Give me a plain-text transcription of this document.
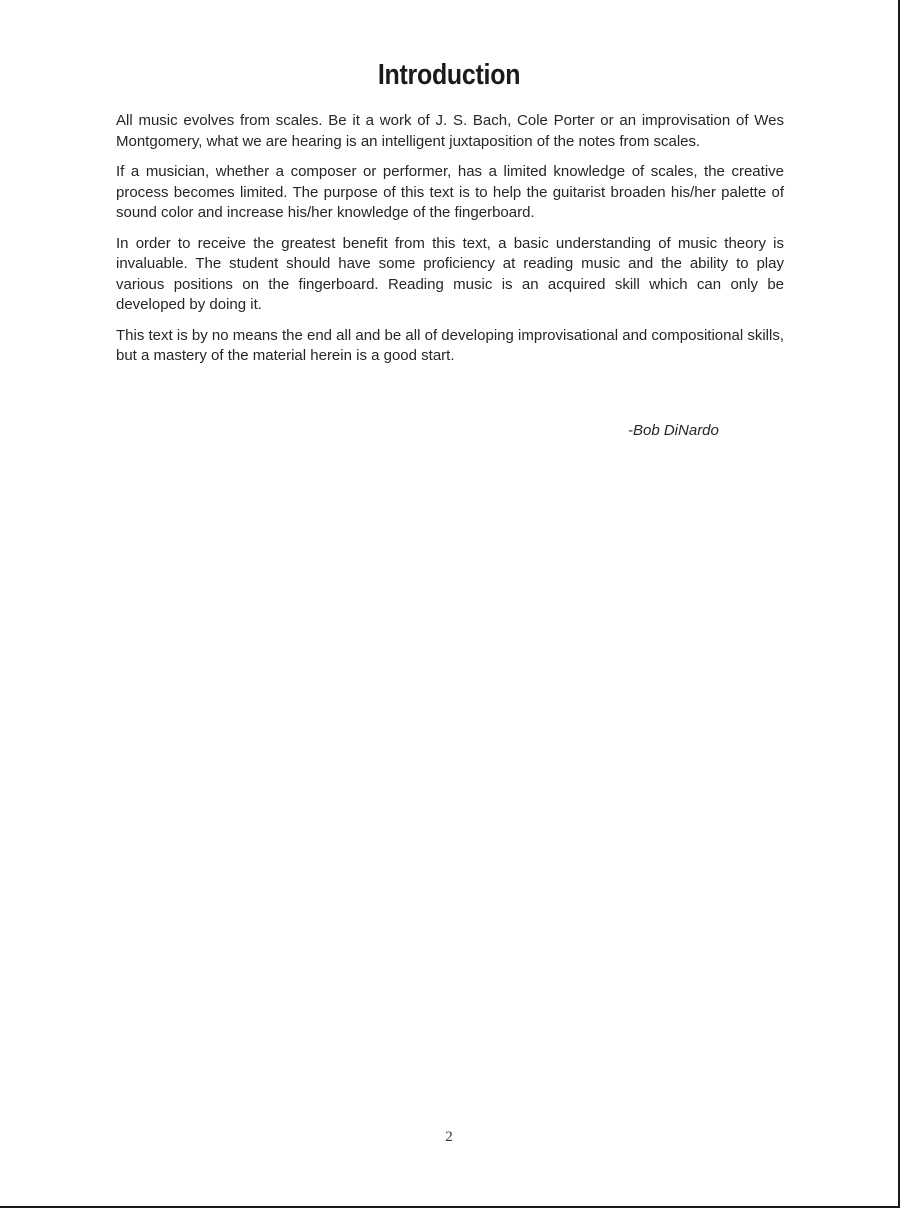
Introduction

All music evolves from scales. Be it a work of J. S. Bach, Cole Porter or an improvisation of Wes Montgomery, what we are hearing is an intelligent juxtaposition of the notes from scales.

If a musician, whether a composer or performer, has a limited knowledge of scales, the creative process becomes limited. The purpose of this text is to help the guitarist broaden his/her palette of sound color and increase his/her knowledge of the fingerboard.

In order to receive the greatest benefit from this text, a basic understanding of music theory is invaluable. The student should have some proficiency at reading music and the ability to play various positions on the fingerboard. Reading music is an acquired skill which can only be developed by doing it.

This text is by no means the end all and be all of developing improvisational and compositional skills, but a mastery of the material herein is a good start.

-Bob DiNardo
2
